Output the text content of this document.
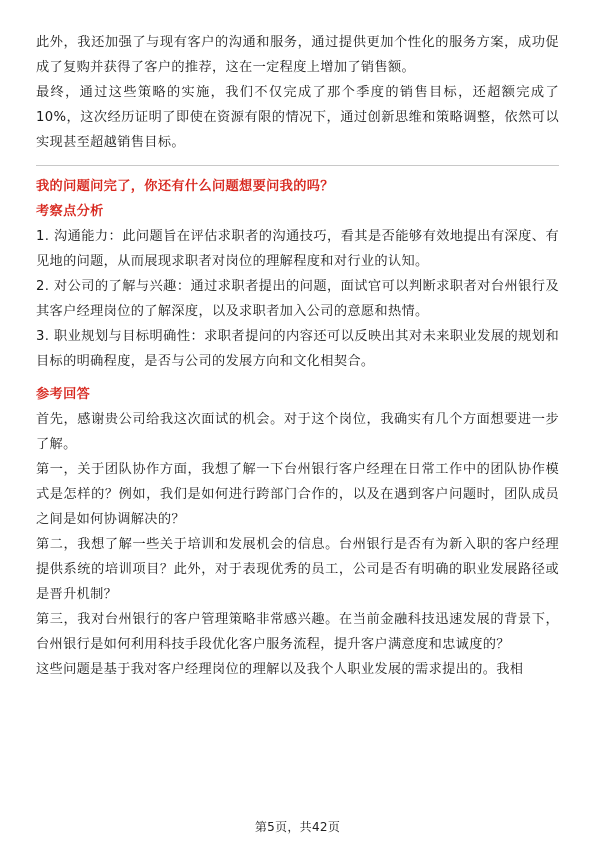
此外，我还加强了与现有客户的沟通和服务，通过提供更加个性化的服务方案，成功促成了复购并获得了客户的推荐，这在一定程度上增加了销售额。

最终，通过这些策略的实施，我们不仅完成了那个季度的销售目标，还超额完成了10%，这次经历证明了即使在资源有限的情况下，通过创新思维和策略调整，依然可以实现甚至超越销售目标。

我的问题问完了，你还有什么问题想要问我的吗？
考察点分析

1. 沟通能力：此问题旨在评估求职者的沟通技巧，看其是否能够有效地提出有深度、有见地的问题，从而展现求职者对岗位的理解程度和对行业的认知。

2. 对公司的了解与兴趣：通过求职者提出的问题，面试官可以判断求职者对台州银行及其客户经理岗位的了解深度，以及求职者加入公司的意愿和热情。

3. 职业规划与目标明确性：求职者提问的内容还可以反映出其对未来职业发展的规划和目标的明确程度，是否与公司的发展方向和文化相契合。

参考回答

首先，感谢贵公司给我这次面试的机会。对于这个岗位，我确实有几个方面想要进一步了解。

第一，关于团队协作方面，我想了解一下台州银行客户经理在日常工作中的团队协作模式是怎样的？例如，我们是如何进行跨部门合作的，以及在遇到客户问题时，团队成员之间是如何协调解决的？

第二，我想了解一些关于培训和发展机会的信息。台州银行是否有为新入职的客户经理提供系统的培训项目？此外，对于表现优秀的员工，公司是否有明确的职业发展路径或是晋升机制？

第三，我对台州银行的客户管理策略非常感兴趣。在当前金融科技迅速发展的背景下，台州银行是如何利用科技手段优化客户服务流程，提升客户满意度和忠诚度的？

这些问题是基于我对客户经理岗位的理解以及我个人职业发展的需求提出的。我相

第5页，共42页
